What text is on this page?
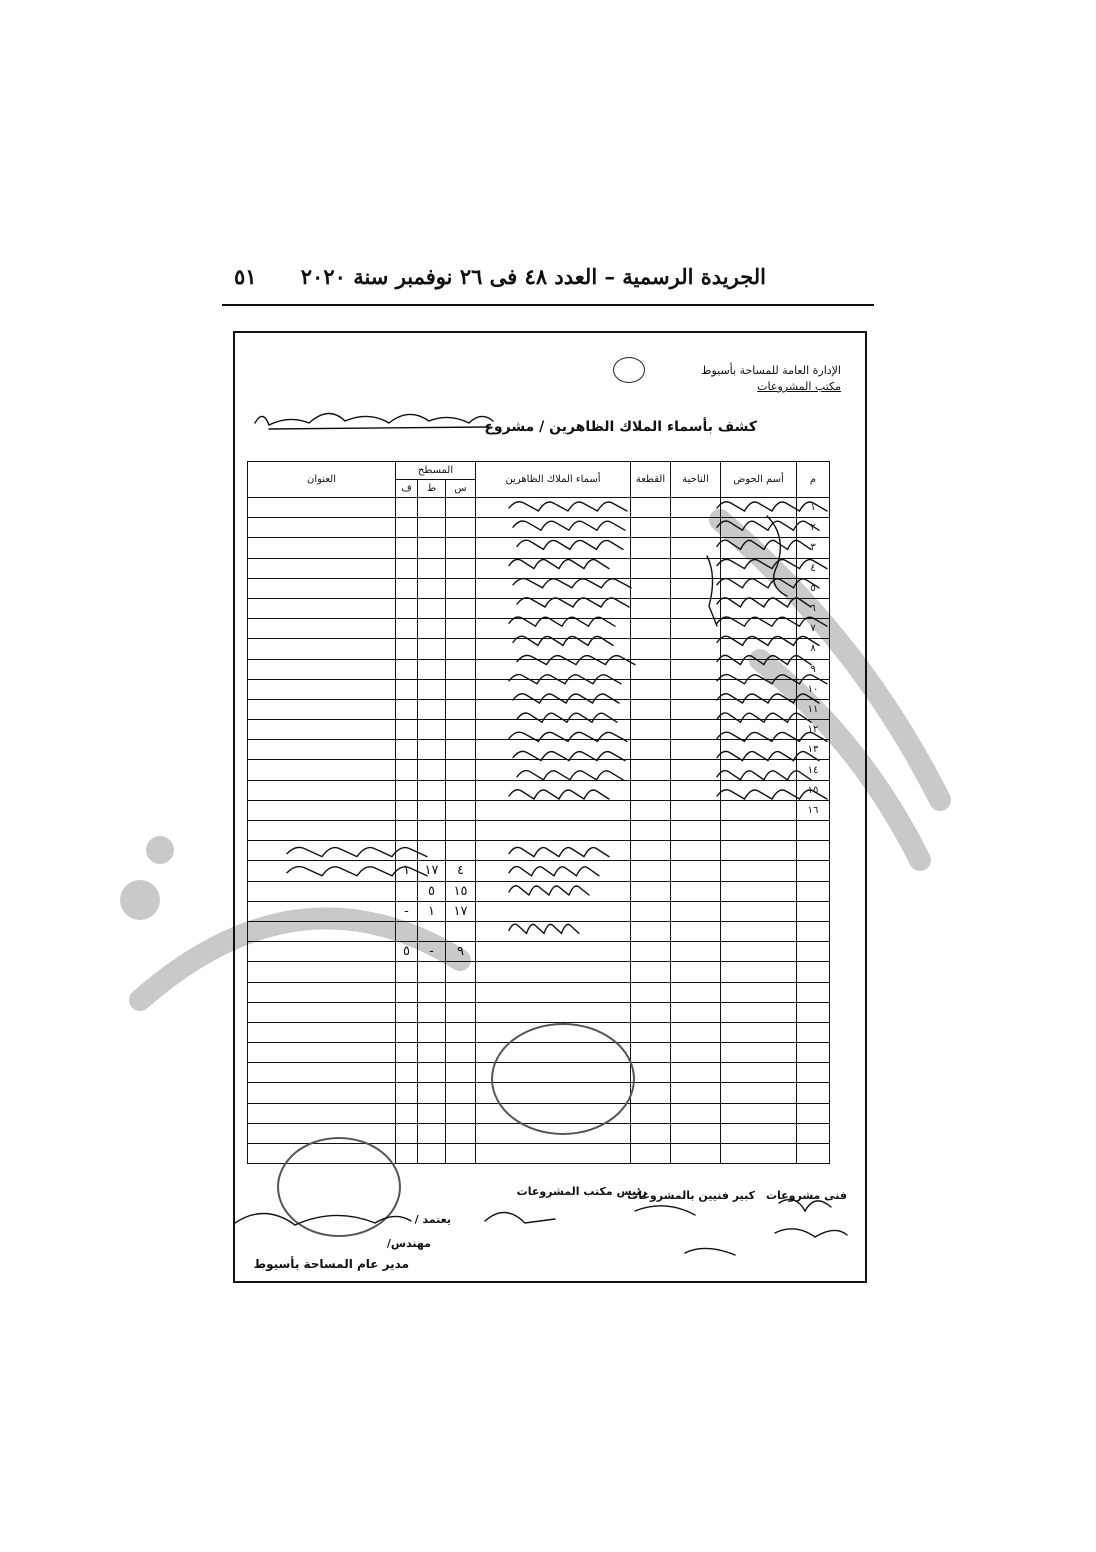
الجريدة الرسمية – العدد ٤٨ فى ٢٦ نوفمبر سنة ٢٠٢٠
٥١
الإدارة العامة للمساحة بأسيوط
مكتب المشروعات
كشف بأسماء الملاك الظاهرين / مشروع
م	أسم الحوض	الناحية	القطعة	أسماء الملاك الظاهرين	المسطح			العنوان
					س	ط	ف	
١								
٢								
٣								
٤								
٥								
٦								
٧								
٨								
٩								
١٠								
١١								
١٢								
١٣								
١٤								
١٥								
١٦								

					٤	١٧	١	
					١٥	٥		
					١٧	١	-	

					٩	-	٥	

فنى مشروعات
كبير فنيين بالمشروعات
رئيس مكتب المشروعات
يعتمد /
مهندس/
مدير عام المساحة بأسيوط
